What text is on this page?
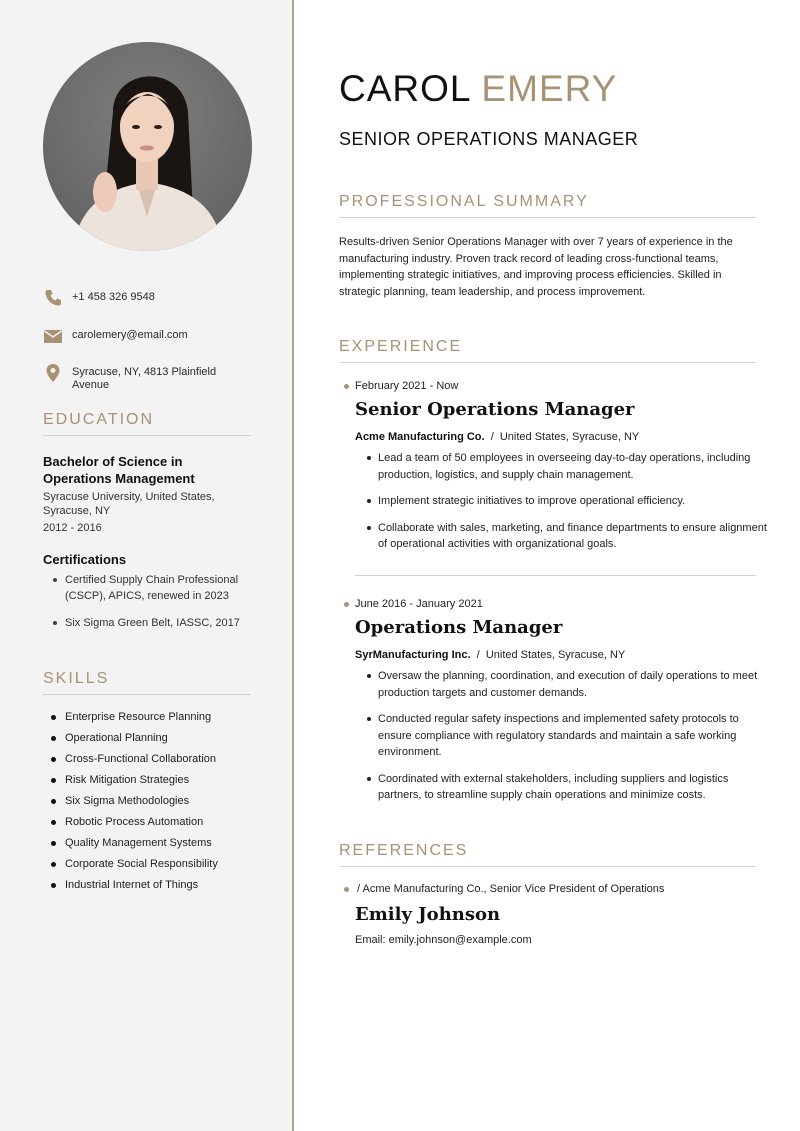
+1 458 326 9548
carolemery@email.com
Syracuse, NY, 4813 Plainfield Avenue
EDUCATION
Bachelor of Science in Operations Management
Syracuse University, United States, Syracuse, NY
2012 - 2016
Certifications
Certified Supply Chain Professional (CSCP), APICS, renewed in 2023
Six Sigma Green Belt, IASSC, 2017
SKILLS
Enterprise Resource Planning
Operational Planning
Cross-Functional Collaboration
Risk Mitigation Strategies
Six Sigma Methodologies
Robotic Process Automation
Quality Management Systems
Corporate Social Responsibility
Industrial Internet of Things
CAROL EMERY
SENIOR OPERATIONS MANAGER
PROFESSIONAL SUMMARY

Results-driven Senior Operations Manager with over 7 years of experience in the manufacturing industry. Proven track record of leading cross-functional teams, implementing strategic initiatives, and improving process efficiencies. Skilled in strategic planning, team leadership, and process improvement.

EXPERIENCE
February 2021 - Now
Senior Operations Manager
Acme Manufacturing Co.  /  United States, Syracuse, NY
Lead a team of 50 employees in overseeing day-to-day operations, including production, logistics, and supply chain management.
Implement strategic initiatives to improve operational efficiency.
Collaborate with sales, marketing, and finance departments to ensure alignment of operational activities with organizational goals.
June 2016 - January 2021
Operations Manager
SyrManufacturing Inc.  /  United States, Syracuse, NY
Oversaw the planning, coordination, and execution of daily operations to meet production targets and customer demands.
Conducted regular safety inspections and implemented safety protocols to ensure compliance with regulatory standards and maintain a safe working environment.
Coordinated with external stakeholders, including suppliers and logistics partners, to streamline supply chain operations and minimize costs.
REFERENCES
/ Acme Manufacturing Co., Senior Vice President of Operations
Emily Johnson
Email: emily.johnson@example.com
